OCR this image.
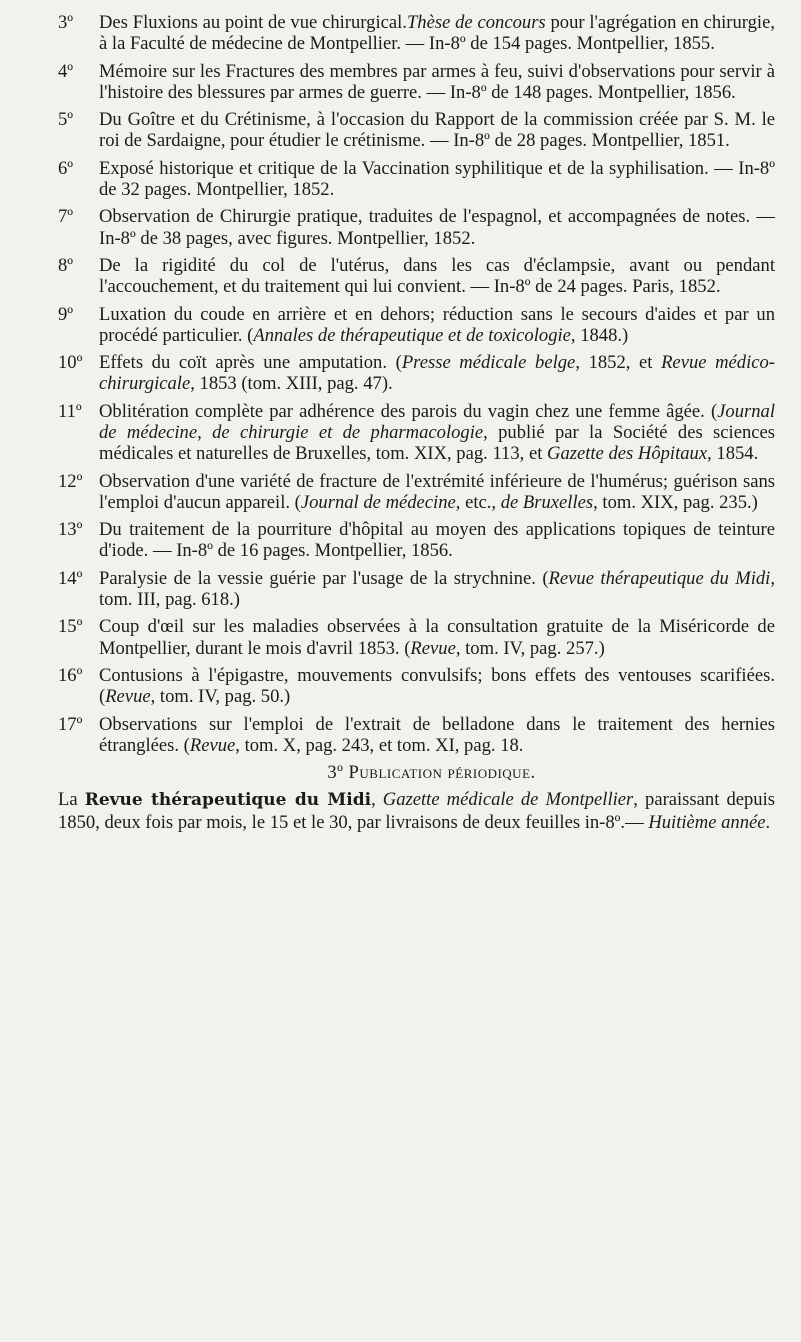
3º Des Fluxions au point de vue chirurgical.Thèse de concours pour l'agrégation en chirurgie, à la Faculté de médecine de Montpellier. — In-8º de 154 pages. Montpellier, 1855.

4º Mémoire sur les Fractures des membres par armes à feu, suivi d'observations pour servir à l'histoire des blessures par armes de guerre. — In-8º de 148 pages. Montpellier, 1856.

5º Du Goître et du Crétinisme, à l'occasion du Rapport de la commission créée par S. M. le roi de Sardaigne, pour étudier le crétinisme. — In-8º de 28 pages. Montpellier, 1851.

6º Exposé historique et critique de la Vaccination syphilitique et de la syphilisation. — In-8º de 32 pages. Montpellier, 1852.

7º Observation de Chirurgie pratique, traduites de l'espagnol, et accompagnées de notes. — In-8º de 38 pages, avec figures. Montpellier, 1852.

8º De la rigidité du col de l'utérus, dans les cas d'éclampsie, avant ou pendant l'accouchement, et du traitement qui lui convient. — In-8º de 24 pages. Paris, 1852.

9º Luxation du coude en arrière et en dehors; réduction sans le secours d'aides et par un procédé particulier. (Annales de thérapeutique et de toxicologie, 1848.)

10º Effets du coït après une amputation. (Presse médicale belge, 1852, et Revue médico-chirurgicale, 1853 (tom. XIII, pag. 47).

11º Oblitération complète par adhérence des parois du vagin chez une femme âgée. (Journal de médecine, de chirurgie et de pharmacologie, publié par la Société des sciences médicales et naturelles de Bruxelles, tom. XIX, pag. 113, et Gazette des Hôpitaux, 1854.

12º Observation d'une variété de fracture de l'extrémité inférieure de l'humérus; guérison sans l'emploi d'aucun appareil. (Journal de médecine, etc., de Bruxelles, tom. XIX, pag. 235.)

13º Du traitement de la pourriture d'hôpital au moyen des applications topiques de teinture d'iode. — In-8º de 16 pages. Montpellier, 1856.

14º Paralysie de la vessie guérie par l'usage de la strychnine. (Revue thérapeutique du Midi, tom. III, pag. 618.)

15º Coup d'œil sur les maladies observées à la consultation gratuite de la Miséricorde de Montpellier, durant le mois d'avril 1853. (Revue, tom. IV, pag. 257.)

16º Contusions à l'épigastre, mouvements convulsifs; bons effets des ventouses scarifiées. (Revue, tom. IV, pag. 50.)

17º Observations sur l'emploi de l'extrait de belladone dans le traitement des hernies étranglées. (Revue, tom. X, pag. 243, et tom. XI, pag. 18.

3º Publication périodique.

La Revue thérapeutique du Midi, Gazette médicale de Montpellier, paraissant depuis 1850, deux fois par mois, le 15 et le 30, par livraisons de deux feuilles in-8º.— Huitième année.
